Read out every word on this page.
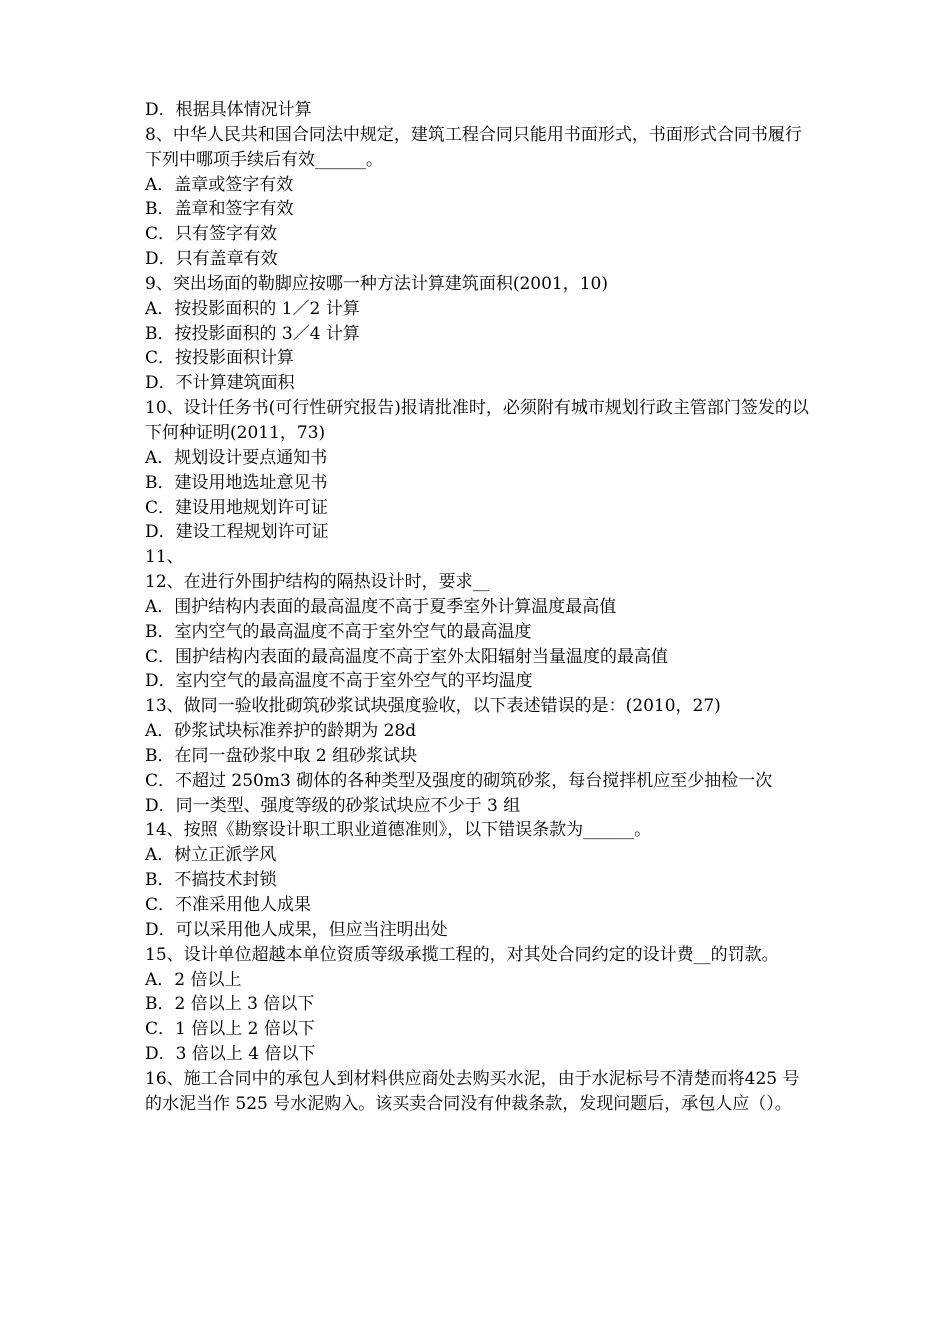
D．根据具体情况计算

8、中华人民共和国合同法中规定，建筑工程合同只能用书面形式，书面形式合同书履行下列中哪项手续后有效______。

A．盖章或签字有效

B．盖章和签字有效

C．只有签字有效

D．只有盖章有效

9、突出场面的勒脚应按哪一种方法计算建筑面积(2001，10)

A．按投影面积的 1／2 计算

B．按投影面积的 3／4 计算

C．按投影面积计算

D．不计算建筑面积

10、设计任务书(可行性研究报告)报请批准时，必须附有城市规划行政主管部门签发的以下何种证明(2011，73)

A．规划设计要点通知书

B．建设用地选址意见书

C．建设用地规划许可证

D．建设工程规划许可证

11、

12、在进行外围护结构的隔热设计时，要求__

A．围护结构内表面的最高温度不高于夏季室外计算温度最高值

B．室内空气的最高温度不高于室外空气的最高温度

C．围护结构内表面的最高温度不高于室外太阳辐射当量温度的最高值

D．室内空气的最高温度不高于室外空气的平均温度

13、做同一验收批砌筑砂浆试块强度验收，以下表述错误的是：(2010，27)

A．砂浆试块标准养护的龄期为 28d

B．在同一盘砂浆中取 2 组砂浆试块

C．不超过 250m3 砌体的各种类型及强度的砌筑砂浆，每台搅拌机应至少抽检一次

D．同一类型、强度等级的砂浆试块应不少于 3 组

14、按照《勘察设计职工职业道德准则》，以下错误条款为______。

A．树立正派学风

B．不搞技术封锁

C．不准采用他人成果

D．可以采用他人成果，但应当注明出处

15、设计单位超越本单位资质等级承揽工程的，对其处合同约定的设计费__的罚款。

A．2 倍以上

B．2 倍以上 3 倍以下

C．1 倍以上 2 倍以下

D．3 倍以上 4 倍以下

16、施工合同中的承包人到材料供应商处去购买水泥，由于水泥标号不清楚而将425 号的水泥当作 525 号水泥购入。该买卖合同没有仲裁条款，发现问题后，承包人应（）。
